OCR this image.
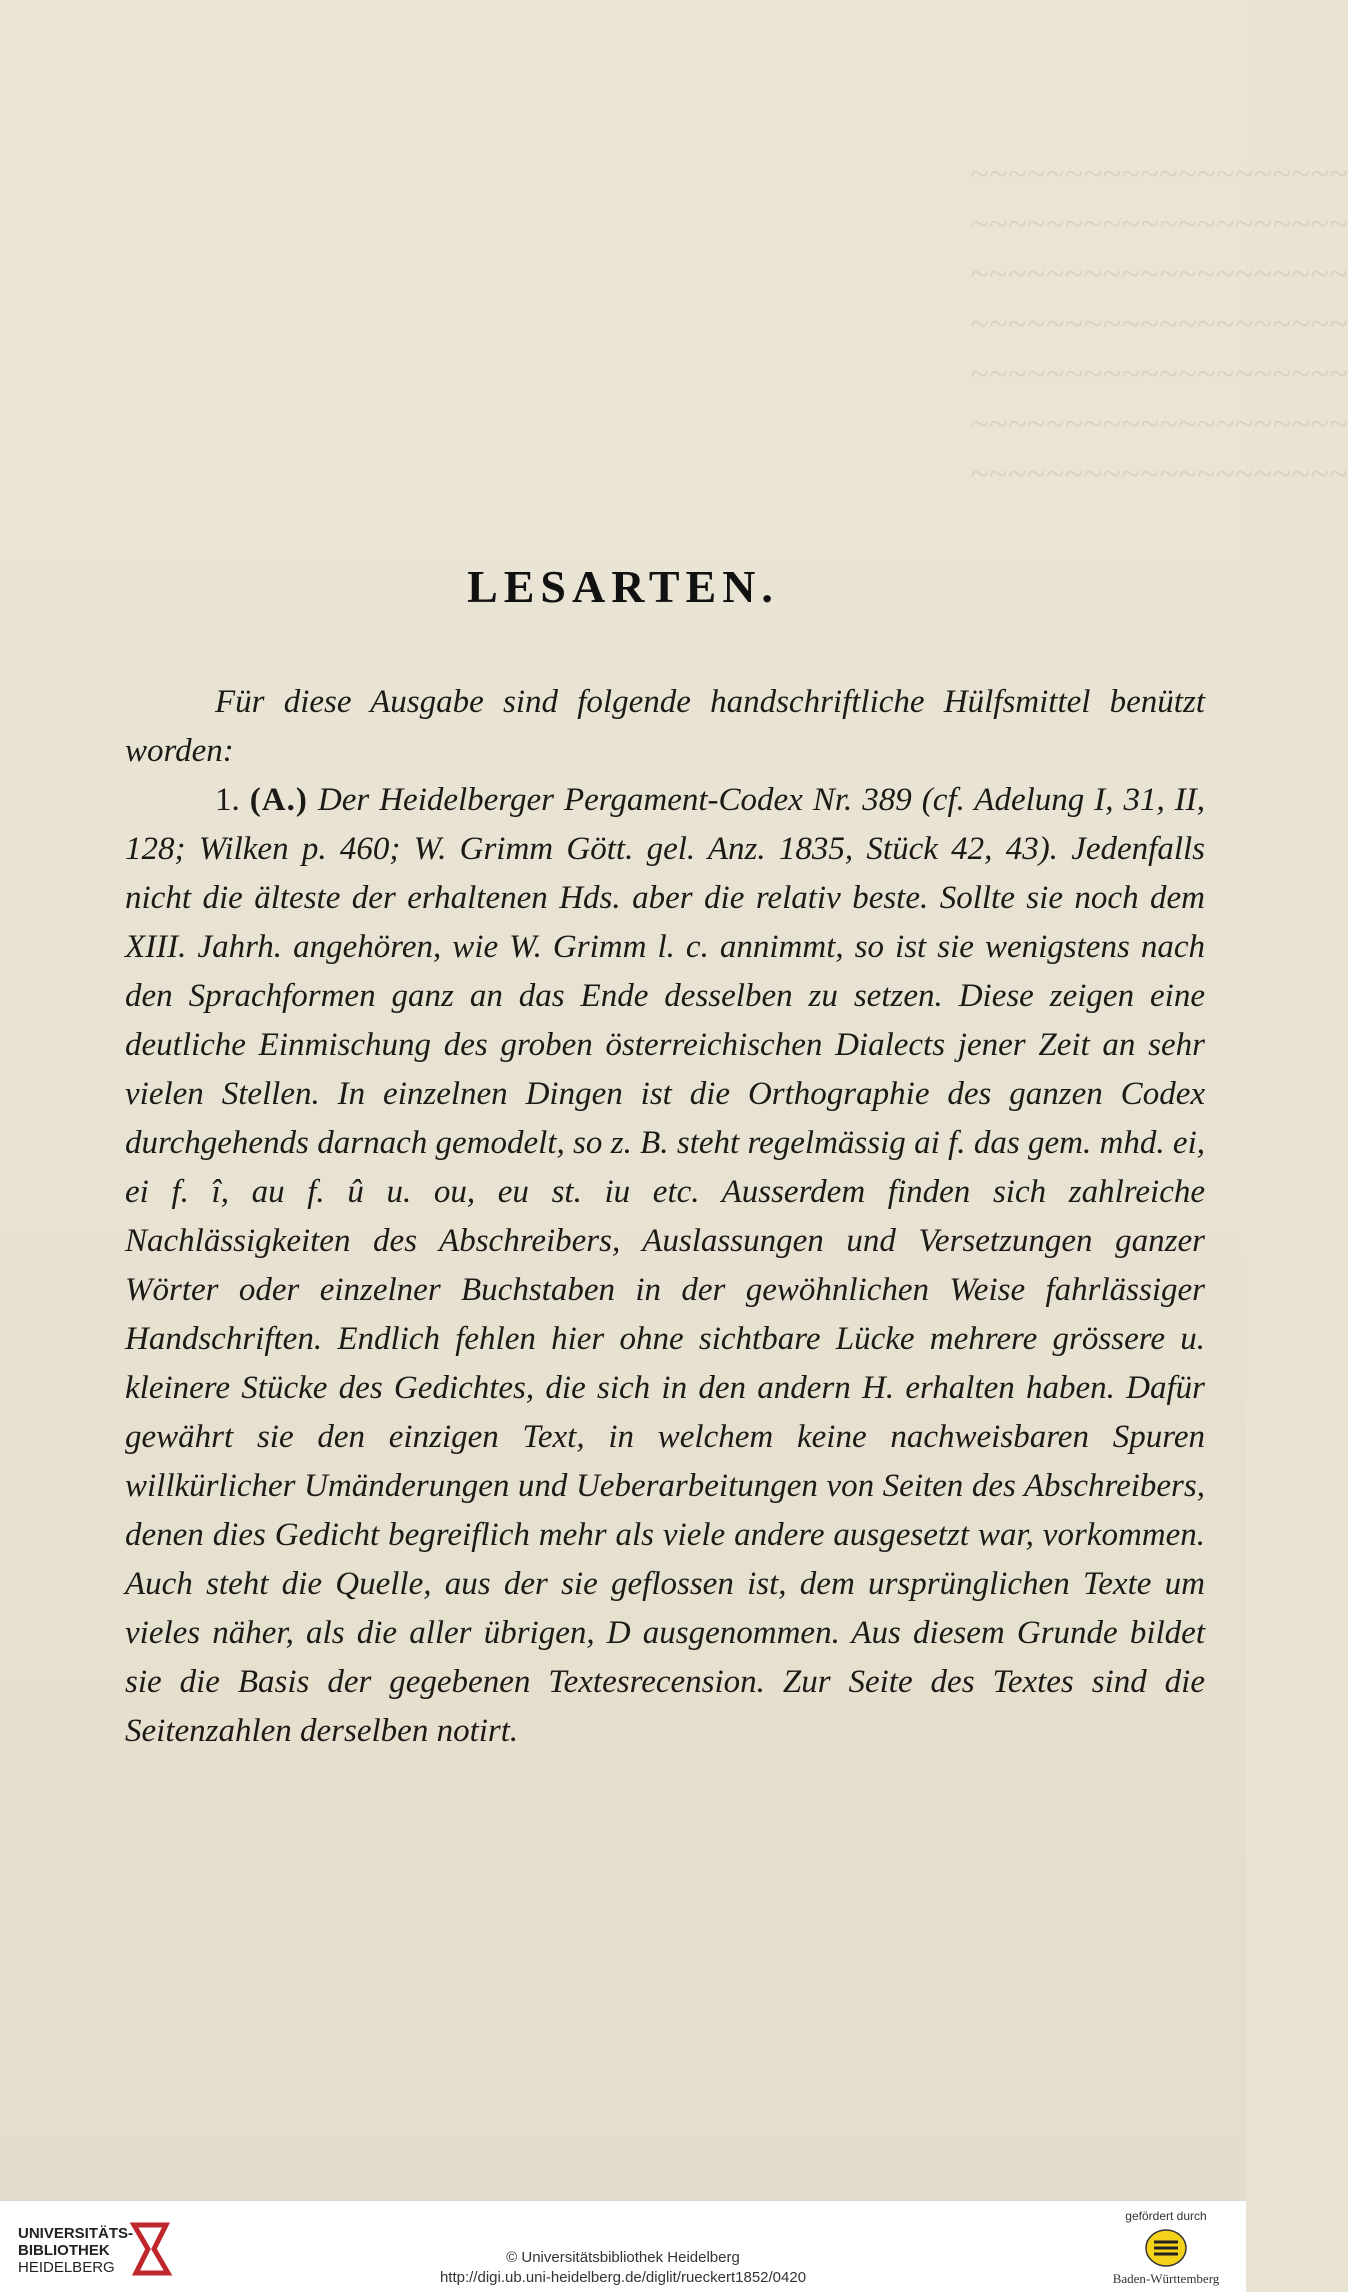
~~~~~~~~~~~~~~~~~~~~
~~~~~~~~~~~~~~~~~~~~
~~~~~~~~~~~~~~~~~~~~
~~~~~~~~~~~~~~~~~~~~
~~~~~~~~~~~~~~~~~~~~
~~~~~~~~~~~~~~~~~~~~
~~~~~~~~~~~~~~~~~~~~
LESARTEN.

Für diese Ausgabe sind folgende handschriftliche Hülfsmittel benützt worden:

1. (A.) Der Heidelberger Pergament-Codex Nr. 389 (cf. Adelung I, 31, II, 128; Wilken p. 460; W. Grimm Gött. gel. Anz. 1835, Stück 42, 43). Jedenfalls nicht die älteste der erhaltenen Hds. aber die relativ beste. Sollte sie noch dem XIII. Jahrh. angehören, wie W. Grimm l. c. annimmt, so ist sie wenigstens nach den Sprachformen ganz an das Ende desselben zu setzen. Diese zeigen eine deutliche Einmischung des groben österreichischen Dialects jener Zeit an sehr vielen Stellen. In einzelnen Dingen ist die Orthographie des ganzen Codex durchgehends darnach gemodelt, so z. B. steht regelmässig ai f. das gem. mhd. ei, ei f. î, au f. û u. ou, eu st. iu etc. Ausserdem finden sich zahlreiche Nachlässigkeiten des Abschreibers, Auslassungen und Versetzungen ganzer Wörter oder einzelner Buchstaben in der gewöhnlichen Weise fahrlässiger Handschriften. Endlich fehlen hier ohne sichtbare Lücke mehrere grössere u. kleinere Stücke des Gedichtes, die sich in den andern H. erhalten haben. Dafür gewährt sie den einzigen Text, in welchem keine nachweisbaren Spuren willkürlicher Umänderungen und Ueberarbeitungen von Seiten des Abschreibers, denen dies Gedicht begreiflich mehr als viele andere ausgesetzt war, vorkommen. Auch steht die Quelle, aus der sie geflossen ist, dem ursprünglichen Texte um vieles näher, als die aller übrigen, D ausgenommen. Aus diesem Grunde bildet sie die Basis der gegebenen Textesrecension. Zur Seite des Textes sind die Seitenzahlen derselben notirt.

UNIVERSITÄTS-
BIBLIOTHEK
HEIDELBERG
© Universitätsbibliothek Heidelberg
http://digi.ub.uni-heidelberg.de/diglit/rueckert1852/0420
gefördert durch
Baden-Württemberg
